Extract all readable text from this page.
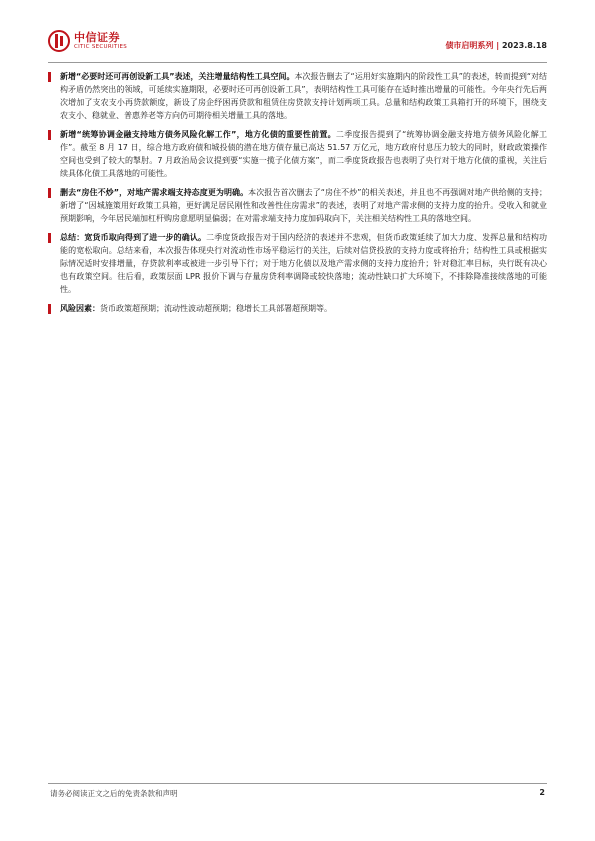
中信证券
CITIC SECURITIES	债市启明系列 | 2023.8.18
新增“必要时还可再创设新工具”表述，关注增量结构性工具空间。本次报告删去了“运用好实施期内的阶段性工具”的表述，转而提到“对结构矛盾仍然突出的领域，可延续实施期限，必要时还可再创设新工具”，表明结构性工具可能存在适时推出增量的可能性。今年央行先后两次增加了支农支小再贷款额度，新设了房企纾困再贷款和租赁住房贷款支持计划两项工具。总量和结构政策工具箱打开的环境下，围绕支农支小、稳就业、普惠养老等方向仍可期待相关增量工具的落地。
新增“统筹协调金融支持地方债务风险化解工作”，地方化债的重要性前置。二季度报告提到了“统筹协调金融支持地方债务风险化解工作”。截至 8 月 17 日，综合地方政府债和城投债的潜在地方债存量已高达 51.57 万亿元，地方政府付息压力较大的同时，财政政策操作空间也受到了较大的掣肘。7 月政治局会议提到要“实施一揽子化债方案”，而二季度货政报告也表明了央行对于地方化债的重视，关注后续具体化债工具落地的可能性。
删去“房住不炒”，对地产需求端支持态度更为明确。本次报告首次删去了“房住不炒”的相关表述，并且也不再强调对地产供给侧的支持；新增了“因城施策用好政策工具箱，更好满足居民刚性和改善性住房需求”的表述，表明了对地产需求侧的支持力度的抬升。受收入和就业预期影响，今年居民端加杠杆购房意愿明显偏弱；在对需求端支持力度加码取向下，关注相关结构性工具的落地空间。
总结：宽货币取向得到了进一步的确认。二季度货政报告对于国内经济的表述并不悲观，但货币政策延续了加大力度、发挥总量和结构功能的宽松取向。总结来看，本次报告体现央行对流动性市场平稳运行的关注，后续对信贷投放的支持力度或将抬升；结构性工具或根据实际情况适时安排增量，存贷款利率或被进一步引导下行；对于地方化债以及地产需求侧的支持力度抬升；针对稳汇率目标，央行既有决心也有政策空间。往后看，政策层面 LPR 报价下调与存量房贷利率调降或较快落地；流动性缺口扩大环境下，不排除降准接续落地的可能性。
风险因素：货币政策超预期；流动性波动超预期；稳增长工具部署超预期等。
请务必阅读正文之后的免责条款和声明	2
